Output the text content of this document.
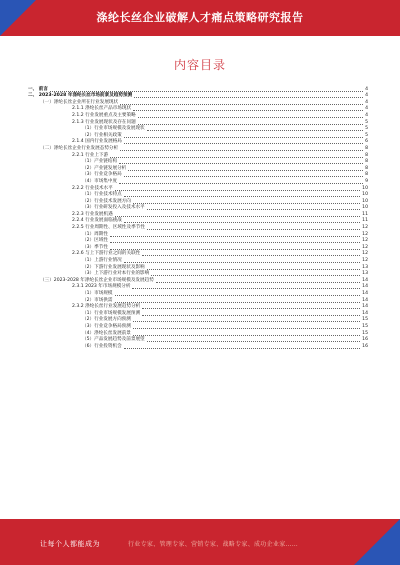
涤纶长丝企业破解人才痛点策略研究报告
内容目录
一、 前言	4
二、 2023-2028 年涤纶长丝市场前景及趋势预测	4
（一）涤纶长丝企业所在行业发展现状	4
2.1.1 涤纶长丝产品市场现状	4
2.1.2 行业发展重点及主要策略	4
2.1.3 行业发展现状及存在问题	5
（1）行业市场规模及发展现状	5
（2）行业相关政策	5
2.1.4 国内行业发展格局	6
（二）涤纶长丝企业行业发展态势分析	8
2.2.1 行业上下游	8
（1）产业链结构	8
（2）产业链发展分析	8
（3）行业竞争格局	8
（4）市场集中度	9
2.2.2 行业技术水平	10
（1）行业技术特点	10
（2）行业技术发展方向	10
（3）行业研发投入及技术水平	10
2.2.3 行业发展机遇	11
2.2.4 行业发展面临挑战	11
2.2.5 行业周期性、区域性及季节性	12
（1）周期性	12
（2）区域性	12
（3）季节性	12
2.2.6 与上下游行业之间的关联性	12
（1）上游行业情况	12
（2）下游行业发展现状及影响	13
（3）上下游行业对本行业的影响	13
（三）2023-2028 年涤纶长丝企业市场规模及发展趋势	14
2.3.1 2023 年市场规模分析	14
（1）市场规模	14
（2）市场供需	14
2.3.2 涤纶长丝行业发展趋势分析	14
（1）行业市场规模发展预测	14
（2）行业发展方向预测	15
（3）行业竞争格局预测	15
（4）涤纶长丝发展前景	15
（5）产品发展趋势及前景展望	16
（6）行业投资机会	16
让每个人都能成为	行业专家、管理专家、营销专家、战略专家、成功企业家……
